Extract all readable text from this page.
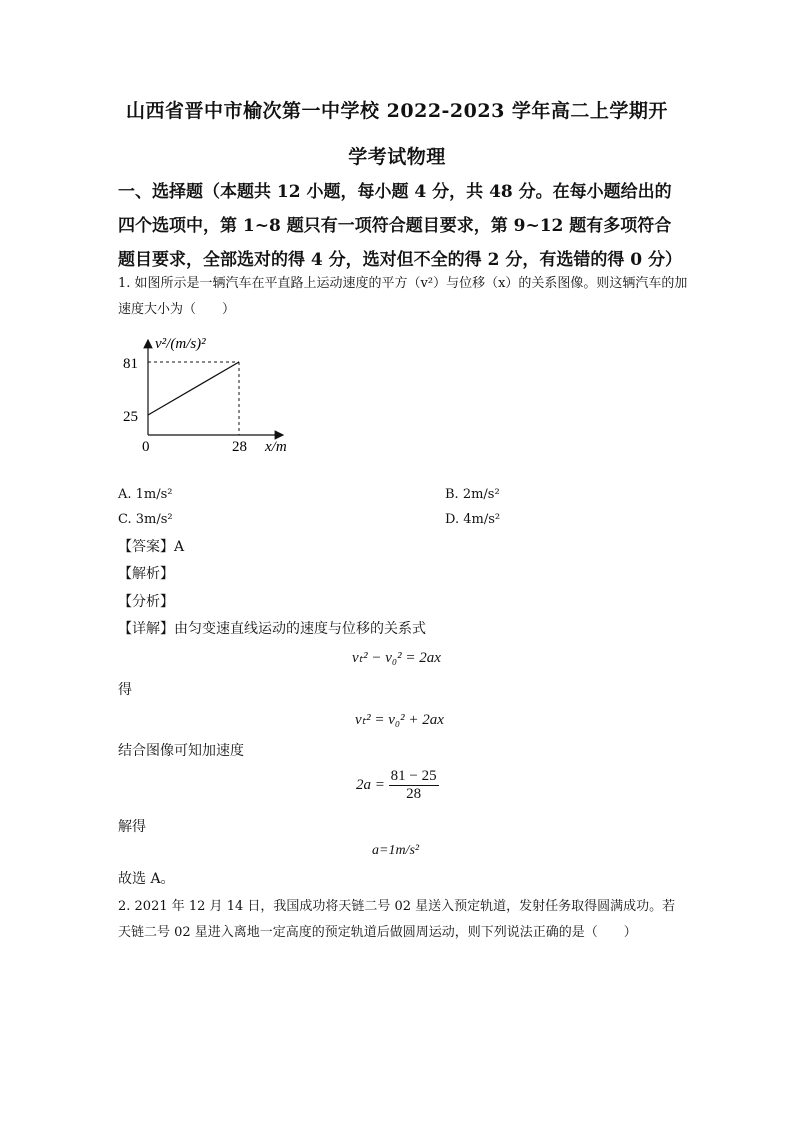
山西省晋中市榆次第一中学校 2022-2023 学年高二上学期开
学考试物理
一、选择题（本题共 12 小题，每小题 4 分，共 48 分。在每小题给出的四个选项中，第 1~8 题只有一项符合题目要求，第 9~12 题有多项符合题目要求，全部选对的得 4 分，选对但不全的得 2 分，有选错的得 0 分）
1. 如图所示是一辆汽车在平直路上运动速度的平方（v²）与位移（x）的关系图像。则这辆汽车的加速度大小为（　　）
v²/(m/s)²
81
25
0	28 x/m
A. 1m/s²	B. 2m/s²
C. 3m/s²	D. 4m/s²
【答案】A
【解析】
【分析】
【详解】由匀变速直线运动的速度与位移的关系式
vₜ² − v₀² = 2ax
得
vₜ² = v₀² + 2ax
结合图像可知加速度
$2a = \frac{81 - 25}{28}$
解得
a=1m/s²
故选 A。
2. 2021 年 12 月 14 日，我国成功将天链二号 02 星送入预定轨道，发射任务取得圆满成功。若天链二号 02 星进入离地一定高度的预定轨道后做圆周运动，则下列说法正确的是（　　）
